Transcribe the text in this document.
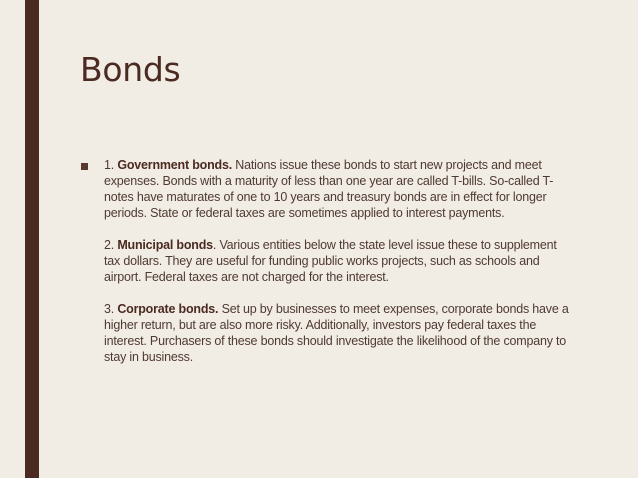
Bonds

1. Government bonds. Nations issue these bonds to start new projects and meet expenses. Bonds with a maturity of less than one year are called T-bills. So-called T-notes have maturates of one to 10 years and treasury bonds are in effect for longer periods. State or federal taxes are sometimes applied to interest payments.

2. Municipal bonds. Various entities below the state level issue these to supplement tax dollars. They are useful for funding public works projects, such as schools and airport. Federal taxes are not charged for the interest.

3. Corporate bonds. Set up by businesses to meet expenses, corporate bonds have a higher return, but are also more risky. Additionally, investors pay federal taxes the interest. Purchasers of these bonds should investigate the likelihood of the company to stay in business.
